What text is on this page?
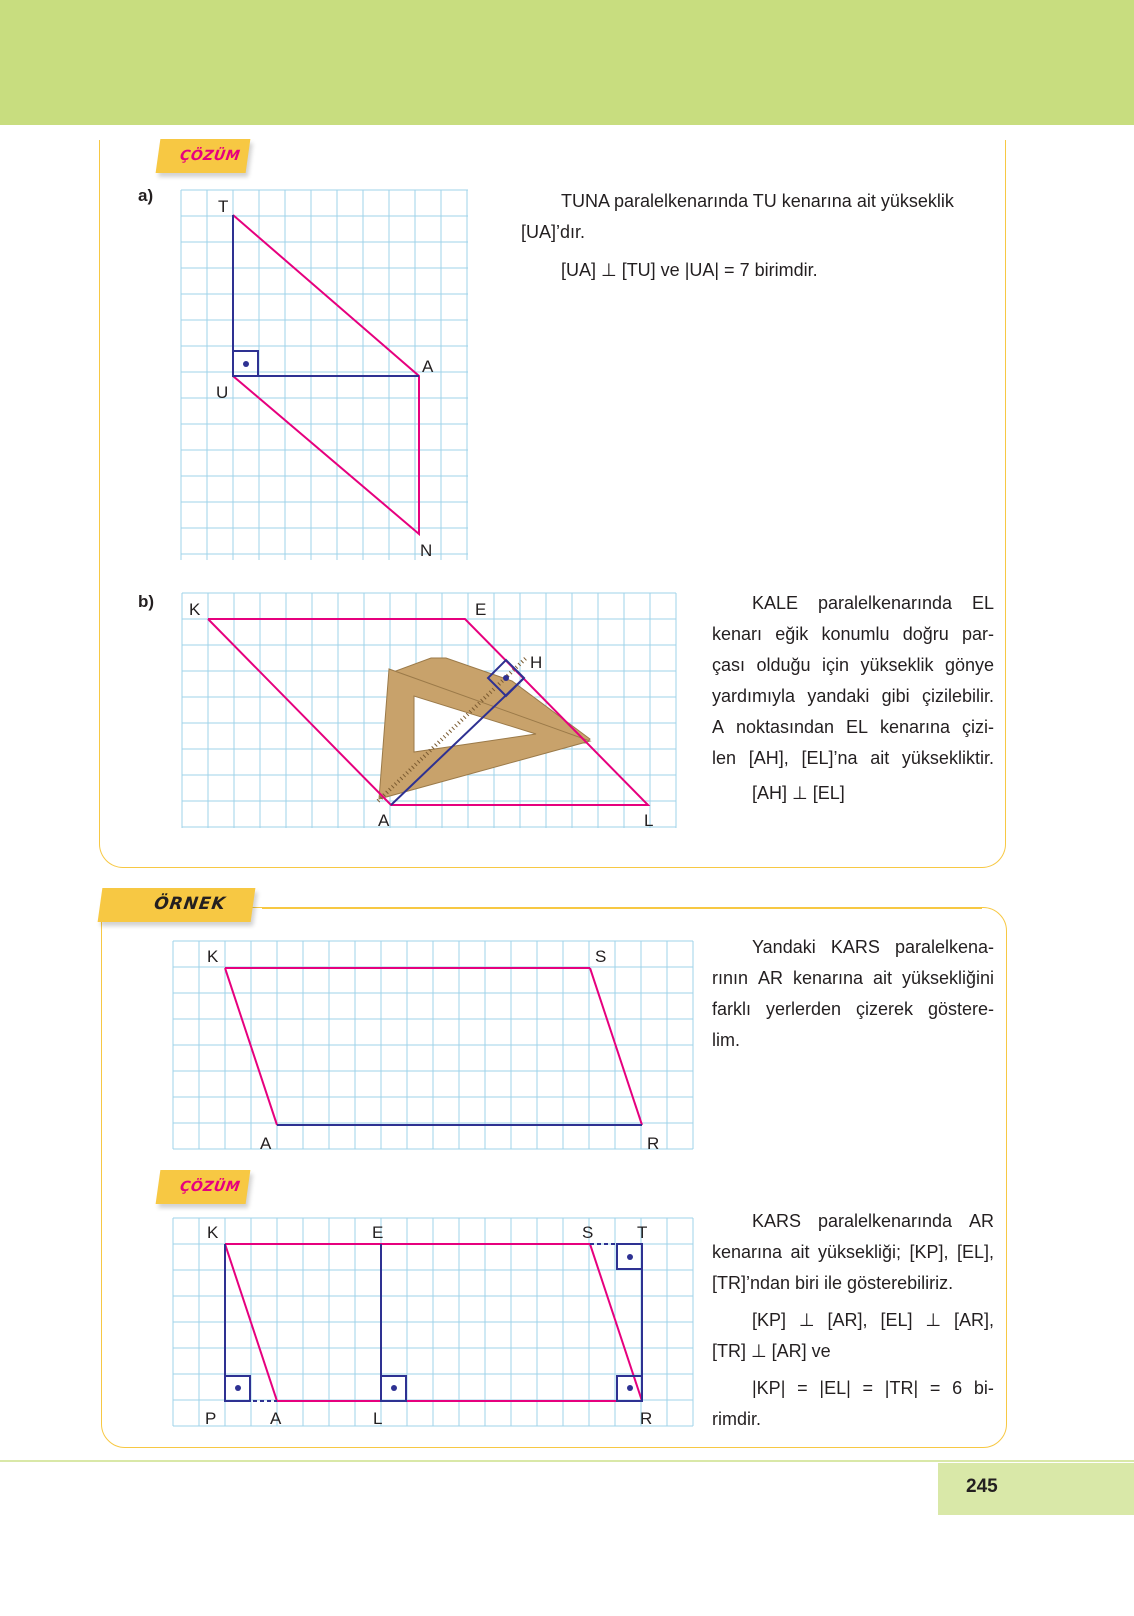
ÇÖZÜM
ÖRNEK
ÇÖZÜM
a)
b)
TUNA paralelkenarında TU kenarına ait yükseklik
[UA]’dır.
[UA] ⊥ [TU] ve |UA| = 7 birimdir.
KALE paralelkenarında EL
kenarı eğik konumlu doğru par-
çası olduğu için yükseklik gönye
yardımıyla yandaki gibi çizilebilir.
A noktasından EL kenarına çizi-
len [AH], [EL]’na ait yüksekliktir.
[AH] ⊥ [EL]
Yandaki KARS paralelkena-
rının AR kenarına ait yüksekliğini
farklı yerlerden çizerek göstere-
lim.
KARS paralelkenarında AR
kenarına ait yüksekliği; [KP], [EL],
[TR]’ndan biri ile gösterebiliriz.
[KP] ⊥ [AR], [EL] ⊥ [AR],
[TR] ⊥ [AR] ve
|KP| = |EL| = |TR| = 6 bi-
rimdir.
T
U
A
N
K	E
H
A	L
K	S
A	R
K	E	S	T
P	A	L	R
245
